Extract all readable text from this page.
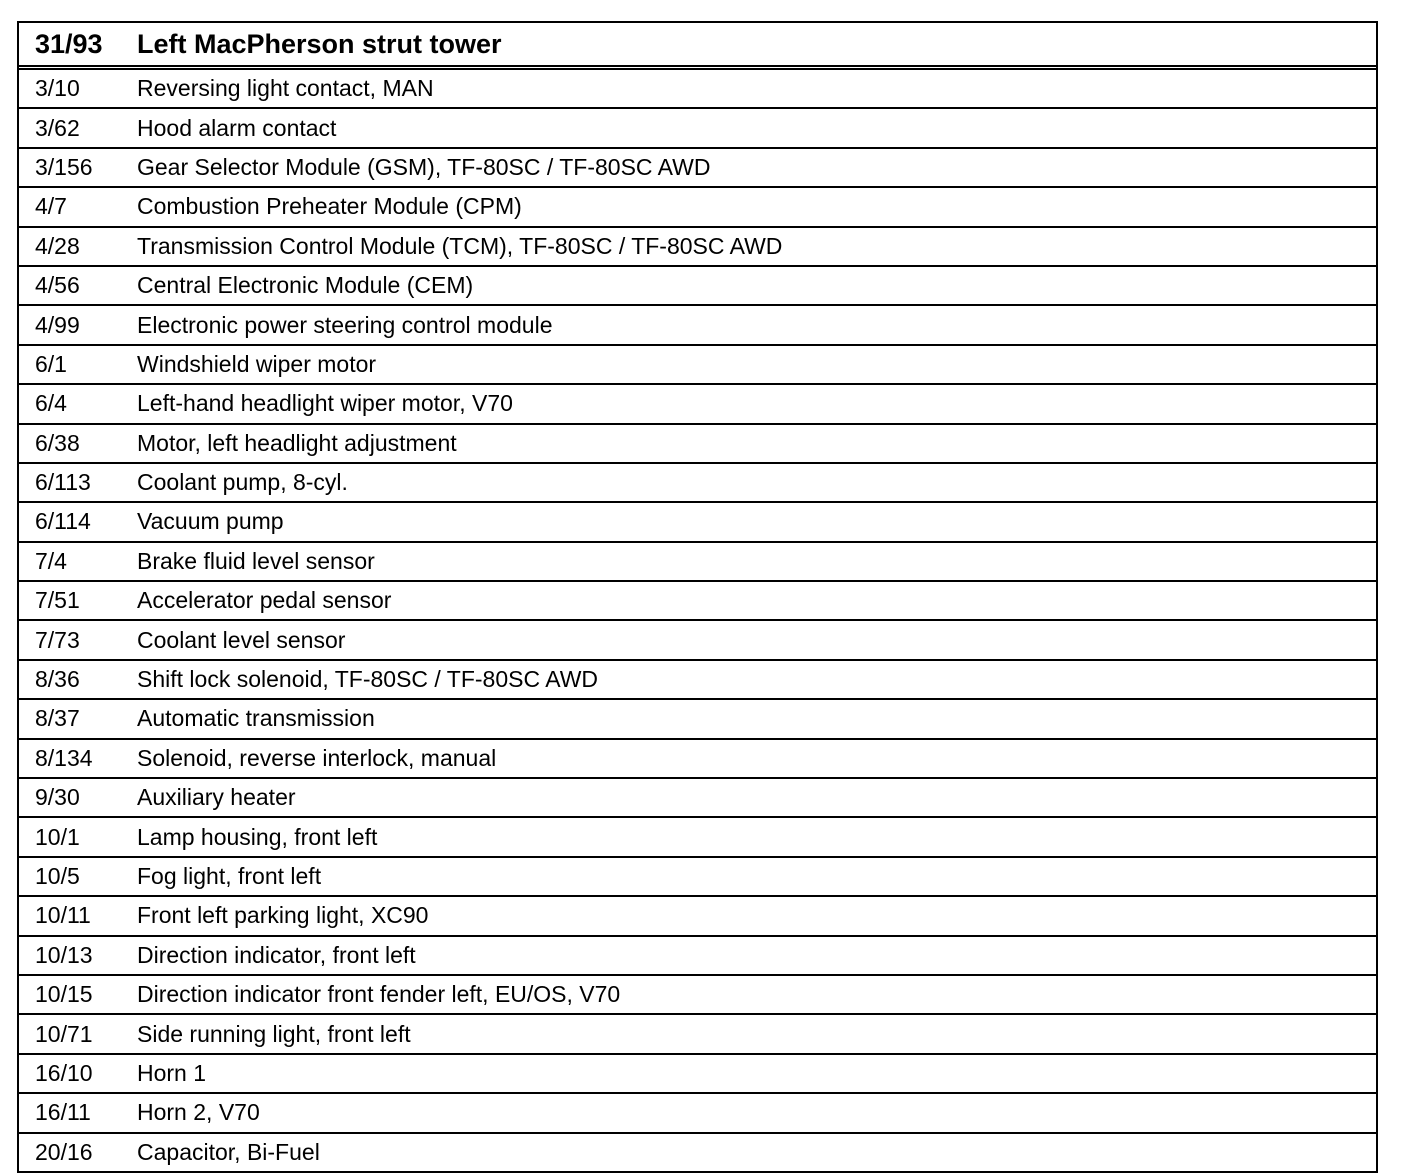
31/93	Left MacPherson strut tower
3/10	Reversing light contact, MAN
3/62	Hood alarm contact
3/156	Gear Selector Module (GSM), TF-80SC / TF-80SC AWD
4/7	Combustion Preheater Module (CPM)
4/28	Transmission Control Module (TCM), TF-80SC / TF-80SC AWD
4/56	Central Electronic Module (CEM)
4/99	Electronic power steering control module
6/1	Windshield wiper motor
6/4	Left-hand headlight wiper motor, V70
6/38	Motor, left headlight adjustment
6/113	Coolant pump, 8-cyl.
6/114	Vacuum pump
7/4	Brake fluid level sensor
7/51	Accelerator pedal sensor
7/73	Coolant level sensor
8/36	Shift lock solenoid, TF-80SC / TF-80SC AWD
8/37	Automatic transmission
8/134	Solenoid, reverse interlock, manual
9/30	Auxiliary heater
10/1	Lamp housing, front left
10/5	Fog light, front left
10/11	Front left parking light, XC90
10/13	Direction indicator, front left
10/15	Direction indicator front fender left, EU/OS, V70
10/71	Side running light, front left
16/10	Horn 1
16/11	Horn 2, V70
20/16	Capacitor, Bi-Fuel
